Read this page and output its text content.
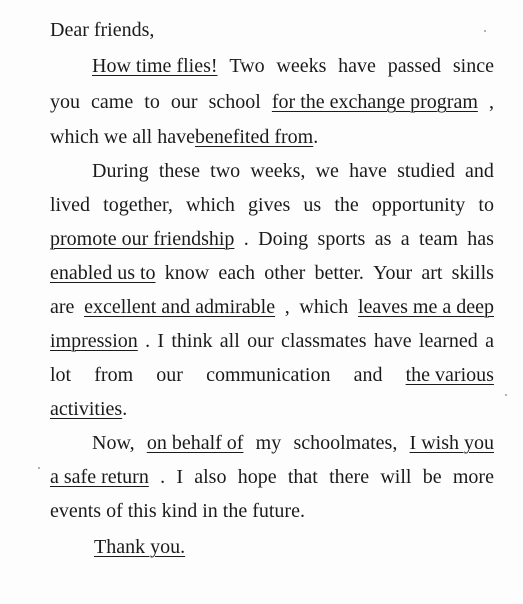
Dear friends,
How time flies! Two weeks have passed since
you came to our school for the exchange program ,
which we all havebenefited from.
During these two weeks, we have studied and
lived together, which gives us the opportunity to
promote our friendship . Doing sports as a team has
enabled us to know each other better. Your art skills
are excellent and admirable , which leaves me a deep
impression . I think all our classmates have learned a
lot from our communication and the various
activities.
Now, on behalf of my schoolmates, I wish you
a safe return . I also hope that there will be more
events of this kind in the future.
Thank you.
